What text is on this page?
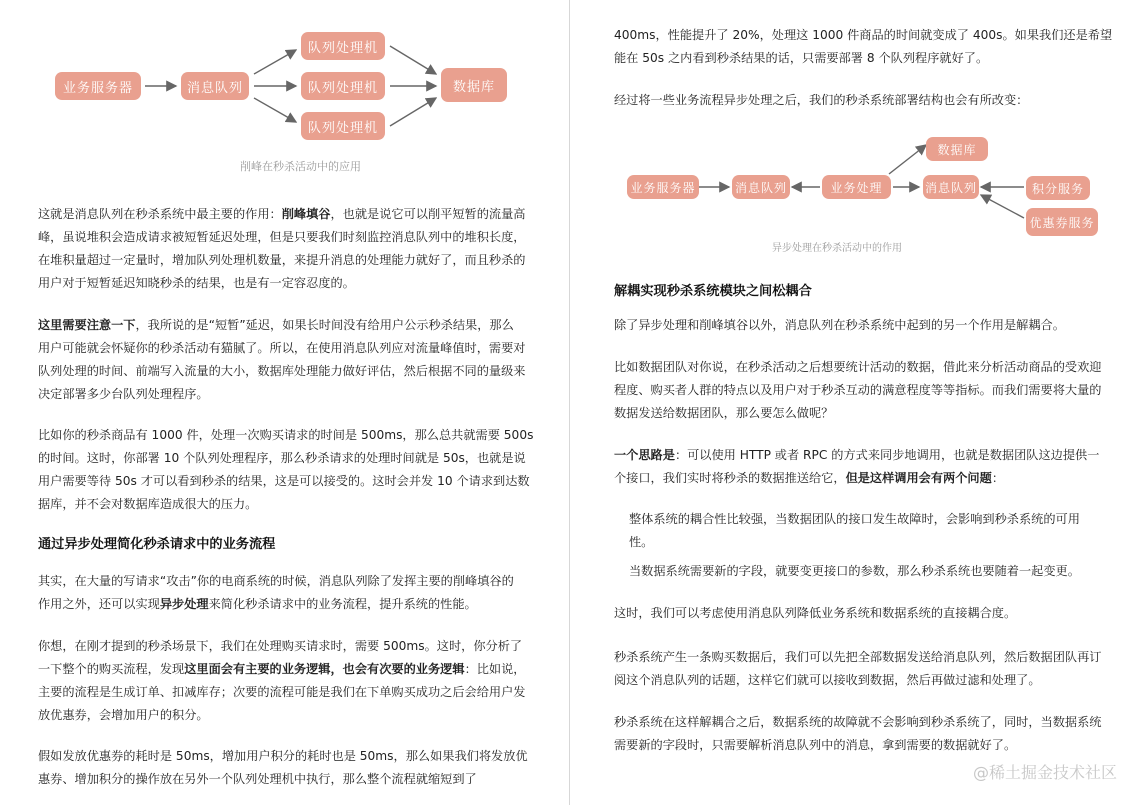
业务服务器	消息队列
队列处理机
队列处理机
队列处理机
数据库
削峰在秒杀活动中的应用

这就是消息队列在秒杀系统中最主要的作用：削峰填谷，也就是说它可以削平短暂的流量高

峰，虽说堆积会造成请求被短暂延迟处理，但是只要我们时刻监控消息队列中的堆积长度，

在堆积量超过一定量时，增加队列处理机数量，来提升消息的处理能力就好了，而且秒杀的

用户对于短暂延迟知晓秒杀的结果，也是有一定容忍度的。

这里需要注意一下，我所说的是“短暂”延迟，如果长时间没有给用户公示秒杀结果，那么

用户可能就会怀疑你的秒杀活动有猫腻了。所以，在使用消息队列应对流量峰值时，需要对

队列处理的时间、前端写入流量的大小，数据库处理能力做好评估，然后根据不同的量级来

决定部署多少台队列处理程序。

比如你的秒杀商品有 1000 件，处理一次购买请求的时间是 500ms，那么总共就需要 500s

的时间。这时，你部署 10 个队列处理程序，那么秒杀请求的处理时间就是 50s，也就是说

用户需要等待 50s 才可以看到秒杀的结果，这是可以接受的。这时会并发 10 个请求到达数

据库，并不会对数据库造成很大的压力。

通过异步处理简化秒杀请求中的业务流程

其实，在大量的写请求“攻击”你的电商系统的时候，消息队列除了发挥主要的削峰填谷的

作用之外，还可以实现异步处理来简化秒杀请求中的业务流程，提升系统的性能。

你想，在刚才提到的秒杀场景下，我们在处理购买请求时，需要 500ms。这时，你分析了

一下整个的购买流程，发现这里面会有主要的业务逻辑，也会有次要的业务逻辑：比如说，

主要的流程是生成订单、扣减库存；次要的流程可能是我们在下单购买成功之后会给用户发

放优惠券，会增加用户的积分。

假如发放优惠券的耗时是 50ms，增加用户积分的耗时也是 50ms，那么如果我们将发放优

惠券、增加积分的操作放在另外一个队列处理机中执行，那么整个流程就缩短到了

400ms，性能提升了 20%，处理这 1000 件商品的时间就变成了 400s。如果我们还是希望

能在 50s 之内看到秒杀结果的话，只需要部署 8 个队列程序就好了。

经过将一些业务流程异步处理之后，我们的秒杀系统部署结构也会有所改变：

业务服务器	消息队列	业务处理	消息队列
数据库
积分服务
优惠券服务
异步处理在秒杀活动中的作用
解耦实现秒杀系统模块之间松耦合

除了异步处理和削峰填谷以外，消息队列在秒杀系统中起到的另一个作用是解耦合。

比如数据团队对你说，在秒杀活动之后想要统计活动的数据，借此来分析活动商品的受欢迎

程度、购买者人群的特点以及用户对于秒杀互动的满意程度等等指标。而我们需要将大量的

数据发送给数据团队，那么要怎么做呢？

一个思路是：可以使用 HTTP 或者 RPC 的方式来同步地调用，也就是数据团队这边提供一

个接口，我们实时将秒杀的数据推送给它，但是这样调用会有两个问题：

整体系统的耦合性比较强，当数据团队的接口发生故障时，会影响到秒杀系统的可用

性。

当数据系统需要新的字段，就要变更接口的参数，那么秒杀系统也要随着一起变更。

这时，我们可以考虑使用消息队列降低业务系统和数据系统的直接耦合度。

秒杀系统产生一条购买数据后，我们可以先把全部数据发送给消息队列，然后数据团队再订

阅这个消息队列的话题，这样它们就可以接收到数据，然后再做过滤和处理了。

秒杀系统在这样解耦合之后，数据系统的故障就不会影响到秒杀系统了，同时，当数据系统

需要新的字段时，只需要解析消息队列中的消息，拿到需要的数据就好了。

@稀土掘金技术社区
